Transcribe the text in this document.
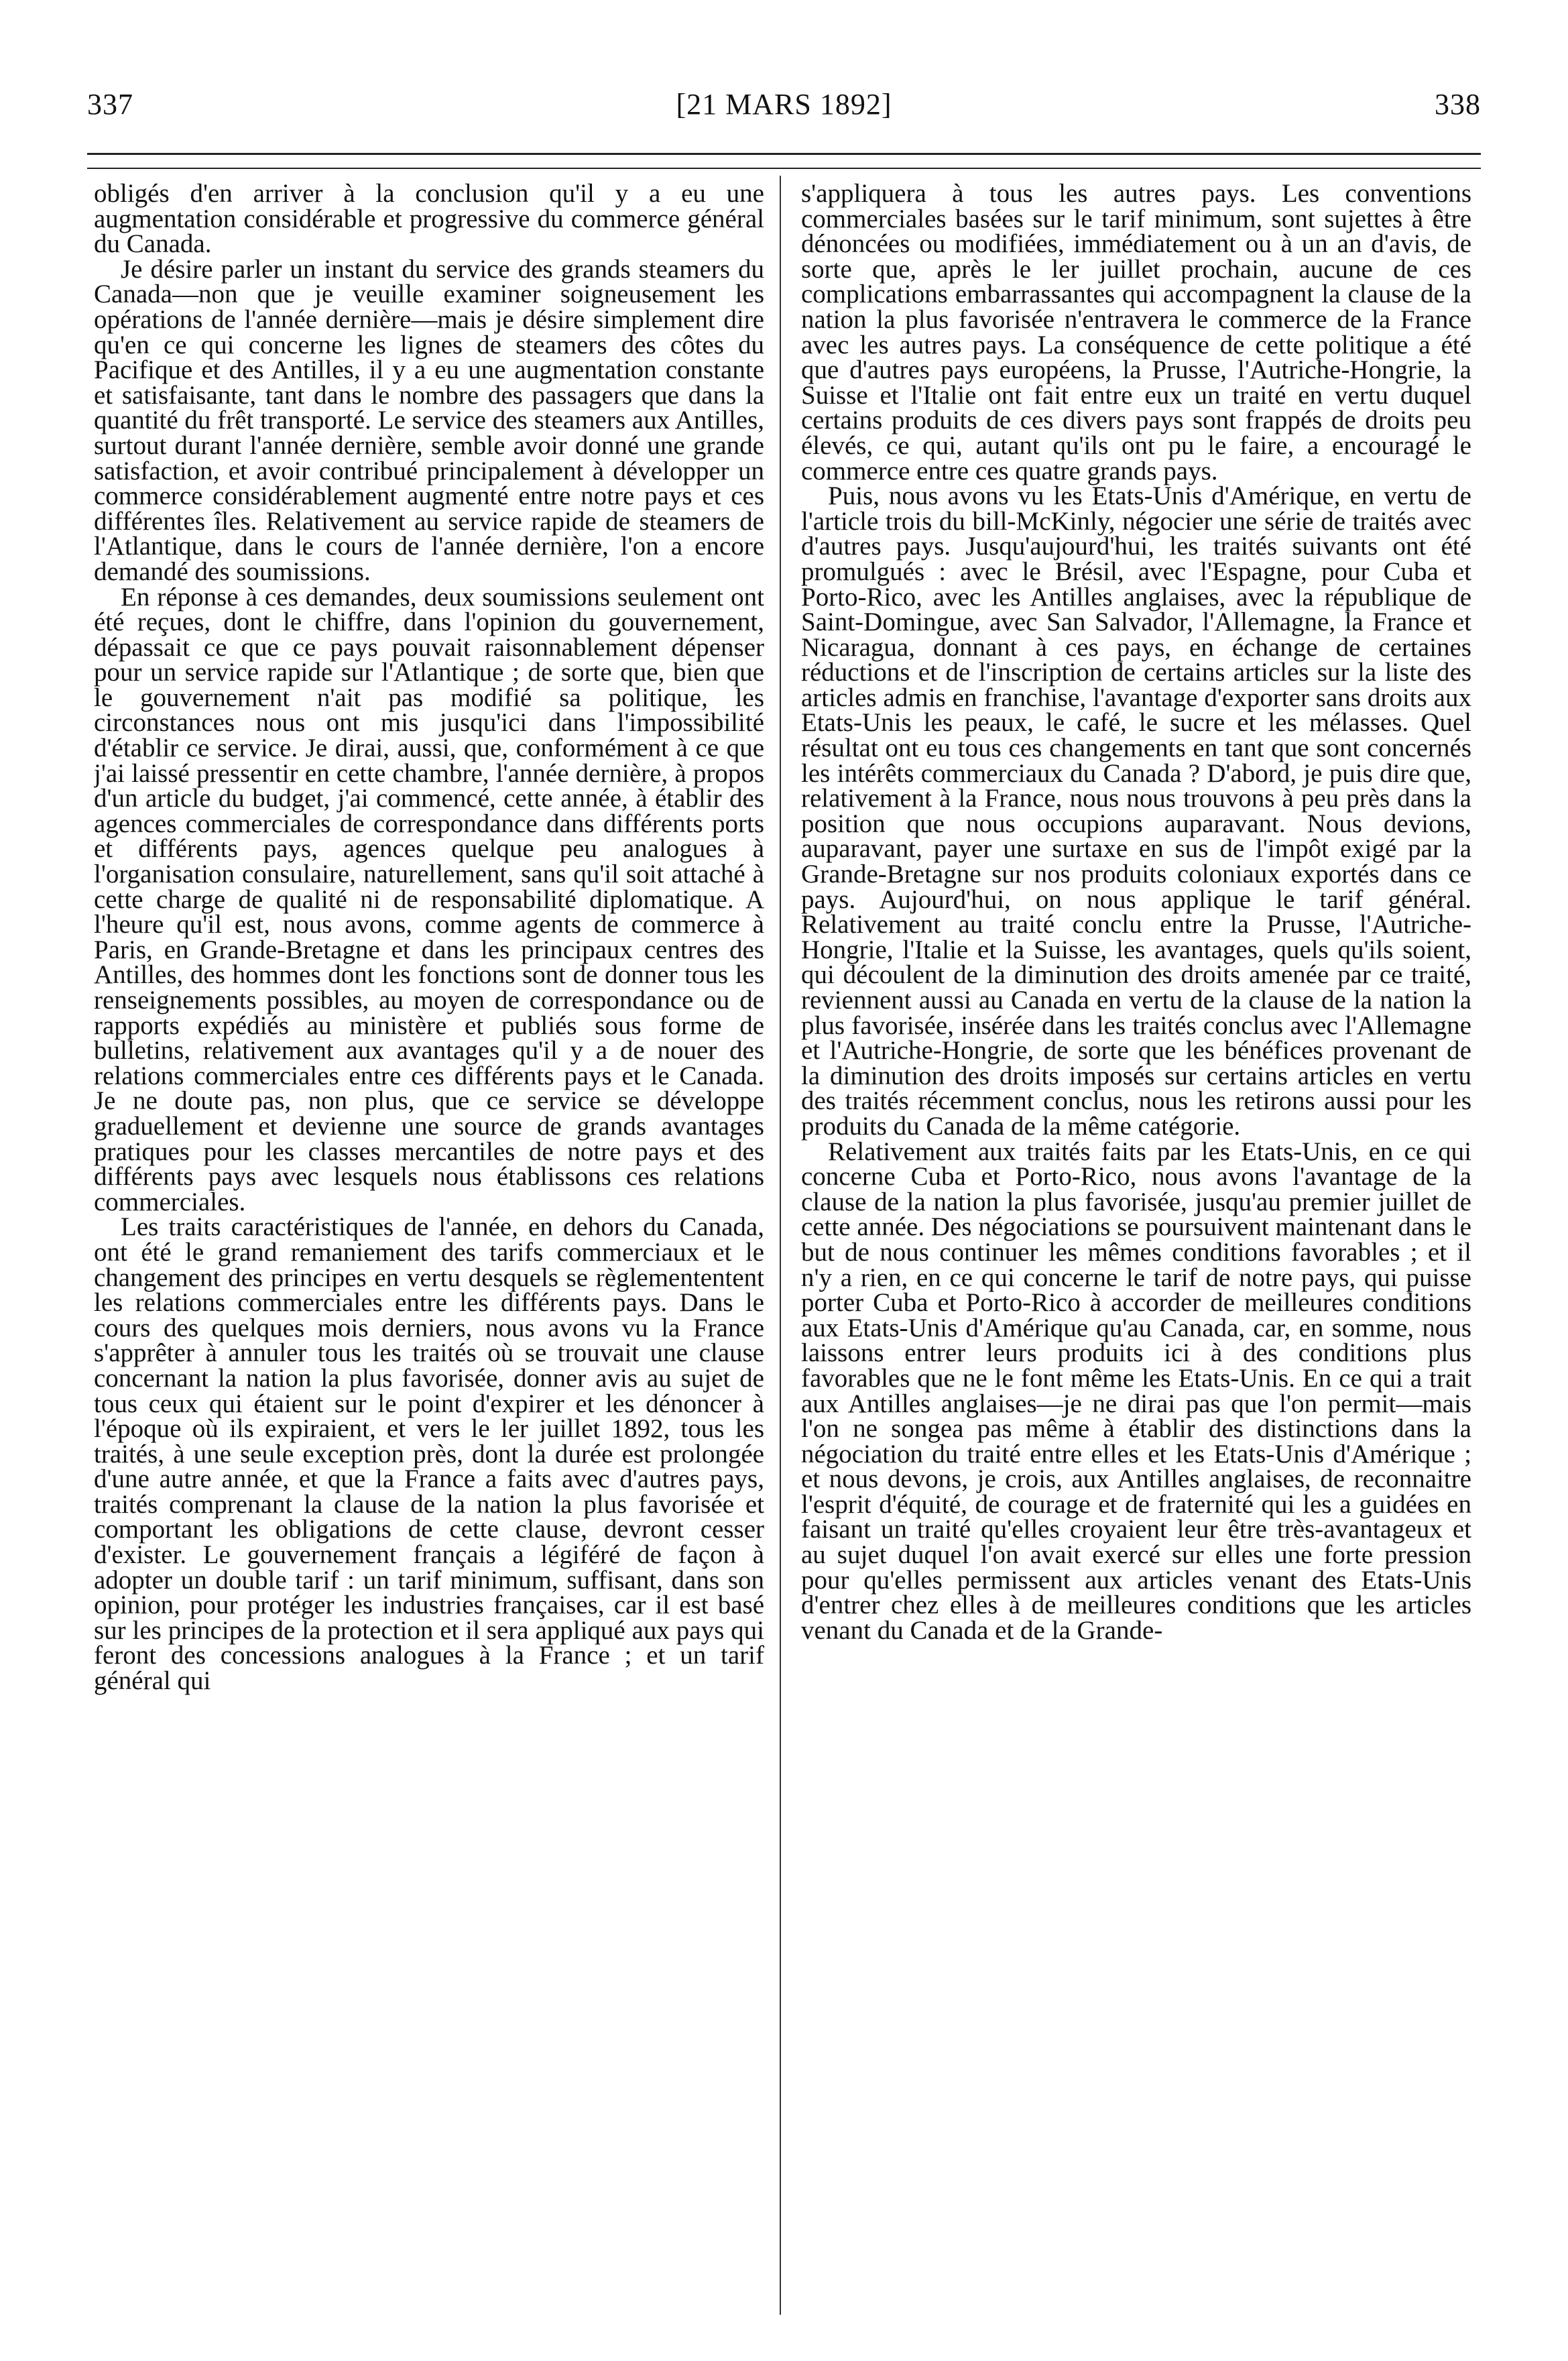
337	[21 MARS 1892]	338

obligés d'en arriver à la conclusion qu'il y a eu une augmentation considérable et progressive du commerce général du Canada.

Je désire parler un instant du service des grands steamers du Canada—non que je veuille examiner soigneusement les opérations de l'année dernière—mais je désire simplement dire qu'en ce qui concerne les lignes de steamers des côtes du Pacifique et des Antilles, il y a eu une augmentation constante et satisfaisante, tant dans le nombre des passagers que dans la quantité du frêt transporté. Le service des steamers aux Antilles, surtout durant l'année dernière, semble avoir donné une grande satisfaction, et avoir contribué principalement à développer un commerce considérablement augmenté entre notre pays et ces différentes îles. Relativement au service rapide de steamers de l'Atlantique, dans le cours de l'année dernière, l'on a encore demandé des soumissions.

En réponse à ces demandes, deux soumissions seulement ont été reçues, dont le chiffre, dans l'opinion du gouvernement, dépassait ce que ce pays pouvait raisonnablement dépenser pour un service rapide sur l'Atlantique ; de sorte que, bien que le gouvernement n'ait pas modifié sa politique, les circonstances nous ont mis jusqu'ici dans l'impossibilité d'établir ce service. Je dirai, aussi, que, conformément à ce que j'ai laissé pressentir en cette chambre, l'année dernière, à propos d'un article du budget, j'ai commencé, cette année, à établir des agences commerciales de correspondance dans différents ports et différents pays, agences quelque peu analogues à l'organisation consulaire, naturellement, sans qu'il soit attaché à cette charge de qualité ni de responsabilité diplomatique. A l'heure qu'il est, nous avons, comme agents de commerce à Paris, en Grande-Bretagne et dans les principaux centres des Antilles, des hommes dont les fonctions sont de donner tous les renseignements possibles, au moyen de correspondance ou de rapports expédiés au ministère et publiés sous forme de bulletins, relativement aux avantages qu'il y a de nouer des relations commerciales entre ces différents pays et le Canada. Je ne doute pas, non plus, que ce service se développe graduellement et devienne une source de grands avantages pratiques pour les classes mercantiles de notre pays et des différents pays avec lesquels nous établissons ces relations commerciales.

Les traits caractéristiques de l'année, en dehors du Canada, ont été le grand remaniement des tarifs commerciaux et le changement des principes en vertu desquels se règlemententent les relations commerciales entre les différents pays. Dans le cours des quelques mois derniers, nous avons vu la France s'apprêter à annuler tous les traités où se trouvait une clause concernant la nation la plus favorisée, donner avis au sujet de tous ceux qui étaient sur le point d'expirer et les dénoncer à l'époque où ils expiraient, et vers le ler juillet 1892, tous les traités, à une seule exception près, dont la durée est prolongée d'une autre année, et que la France a faits avec d'autres pays, traités comprenant la clause de la nation la plus favorisée et comportant les obligations de cette clause, devront cesser d'exister. Le gouvernement français a légiféré de façon à adopter un double tarif : un tarif minimum, suffisant, dans son opinion, pour protéger les industries françaises, car il est basé sur les principes de la protection et il sera appliqué aux pays qui feront des concessions analogues à la France ; et un tarif général qui

s'appliquera à tous les autres pays. Les conventions commerciales basées sur le tarif minimum, sont sujettes à être dénoncées ou modifiées, immédiatement ou à un an d'avis, de sorte que, après le ler juillet prochain, aucune de ces complications embarrassantes qui accompagnent la clause de la nation la plus favorisée n'entravera le commerce de la France avec les autres pays. La conséquence de cette politique a été que d'autres pays européens, la Prusse, l'Autriche-Hongrie, la Suisse et l'Italie ont fait entre eux un traité en vertu duquel certains produits de ces divers pays sont frappés de droits peu élevés, ce qui, autant qu'ils ont pu le faire, a encouragé le commerce entre ces quatre grands pays.

Puis, nous avons vu les Etats-Unis d'Amérique, en vertu de l'article trois du bill-McKinly, négocier une série de traités avec d'autres pays. Jusqu'aujourd'hui, les traités suivants ont été promulgués : avec le Brésil, avec l'Espagne, pour Cuba et Porto-Rico, avec les Antilles anglaises, avec la république de Saint-Domingue, avec San Salvador, l'Allemagne, la France et Nicaragua, donnant à ces pays, en échange de certaines réductions et de l'inscription de certains articles sur la liste des articles admis en franchise, l'avantage d'exporter sans droits aux Etats-Unis les peaux, le café, le sucre et les mélasses. Quel résultat ont eu tous ces changements en tant que sont concernés les intérêts commerciaux du Canada ? D'abord, je puis dire que, relativement à la France, nous nous trouvons à peu près dans la position que nous occupions auparavant. Nous devions, auparavant, payer une surtaxe en sus de l'impôt exigé par la Grande-Bretagne sur nos produits coloniaux exportés dans ce pays. Aujourd'hui, on nous applique le tarif général. Relativement au traité conclu entre la Prusse, l'Autriche-Hongrie, l'Italie et la Suisse, les avantages, quels qu'ils soient, qui découlent de la diminution des droits amenée par ce traité, reviennent aussi au Canada en vertu de la clause de la nation la plus favorisée, insérée dans les traités conclus avec l'Allemagne et l'Autriche-Hongrie, de sorte que les bénéfices provenant de la diminution des droits imposés sur certains articles en vertu des traités récemment conclus, nous les retirons aussi pour les produits du Canada de la même catégorie.

Relativement aux traités faits par les Etats-Unis, en ce qui concerne Cuba et Porto-Rico, nous avons l'avantage de la clause de la nation la plus favorisée, jusqu'au premier juillet de cette année. Des négociations se poursuivent maintenant dans le but de nous continuer les mêmes conditions favorables ; et il n'y a rien, en ce qui concerne le tarif de notre pays, qui puisse porter Cuba et Porto-Rico à accorder de meilleures conditions aux Etats-Unis d'Amérique qu'au Canada, car, en somme, nous laissons entrer leurs produits ici à des conditions plus favorables que ne le font même les Etats-Unis. En ce qui a trait aux Antilles anglaises—je ne dirai pas que l'on permit—mais l'on ne songea pas même à établir des distinctions dans la négociation du traité entre elles et les Etats-Unis d'Amérique ; et nous devons, je crois, aux Antilles anglaises, de reconnaitre l'esprit d'équité, de courage et de fraternité qui les a guidées en faisant un traité qu'elles croyaient leur être très-avantageux et au sujet duquel l'on avait exercé sur elles une forte pression pour qu'elles permissent aux articles venant des Etats-Unis d'entrer chez elles à de meilleures conditions que les articles venant du Canada et de la Grande-
